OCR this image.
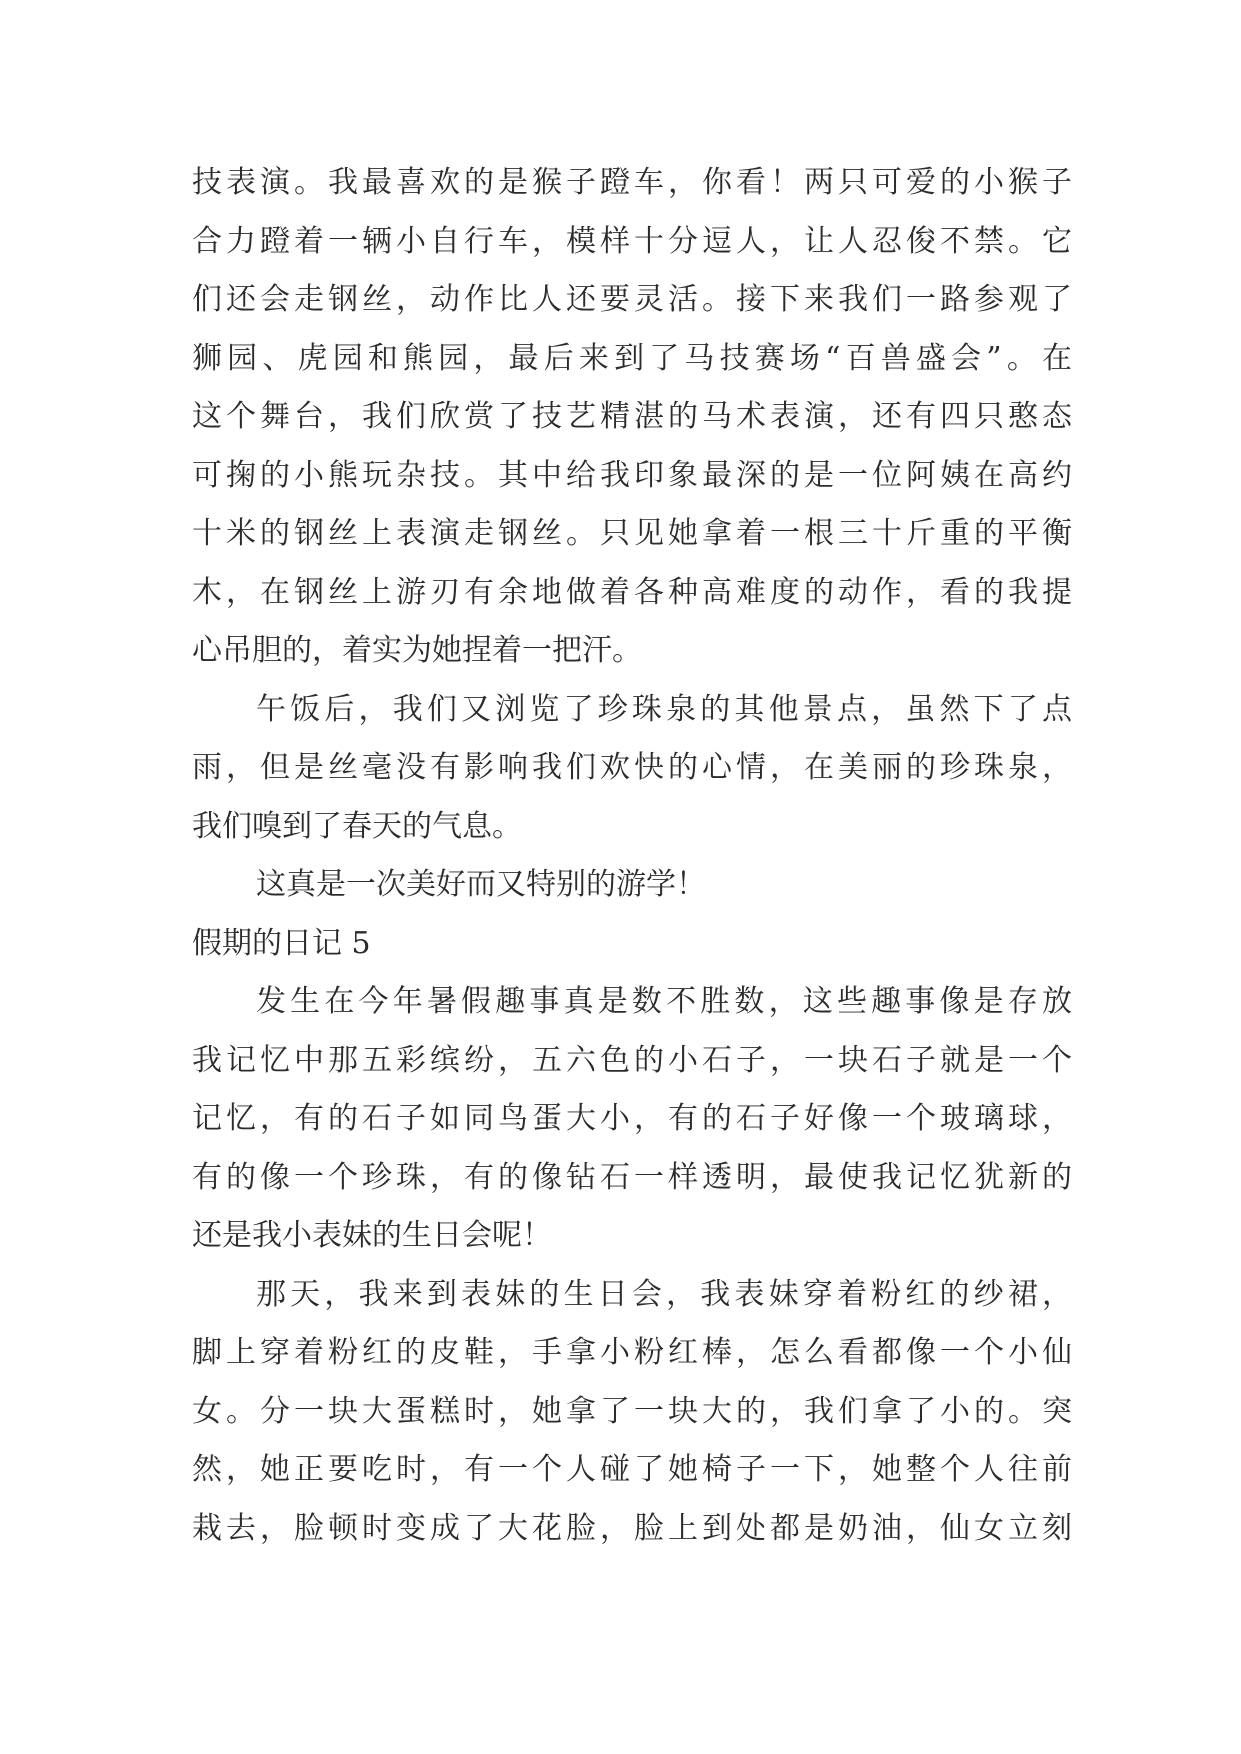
技表演。我最喜欢的是猴子蹬车，你看！两只可爱的小猴子
合力蹬着一辆小自行车，模样十分逗人，让人忍俊不禁。它
们还会走钢丝，动作比人还要灵活。接下来我们一路参观了
狮园、虎园和熊园，最后来到了马技赛场“百兽盛会”。在
这个舞台，我们欣赏了技艺精湛的马术表演，还有四只憨态
可掬的小熊玩杂技。其中给我印象最深的是一位阿姨在高约
十米的钢丝上表演走钢丝。只见她拿着一根三十斤重的平衡
木，在钢丝上游刃有余地做着各种高难度的动作，看的我提
心吊胆的，着实为她捏着一把汗。
午饭后，我们又浏览了珍珠泉的其他景点，虽然下了点
雨，但是丝毫没有影响我们欢快的心情，在美丽的珍珠泉，
我们嗅到了春天的气息。
这真是一次美好而又特别的游学！
假期的日记 5
发生在今年暑假趣事真是数不胜数，这些趣事像是存放
我记忆中那五彩缤纷，五六色的小石子，一块石子就是一个
记忆，有的石子如同鸟蛋大小，有的石子好像一个玻璃球，
有的像一个珍珠，有的像钻石一样透明，最使我记忆犹新的
还是我小表妹的生日会呢！
那天，我来到表妹的生日会，我表妹穿着粉红的纱裙，
脚上穿着粉红的皮鞋，手拿小粉红棒，怎么看都像一个小仙
女。分一块大蛋糕时，她拿了一块大的，我们拿了小的。突
然，她正要吃时，有一个人碰了她椅子一下，她整个人往前
栽去，脸顿时变成了大花脸，脸上到处都是奶油，仙女立刻
